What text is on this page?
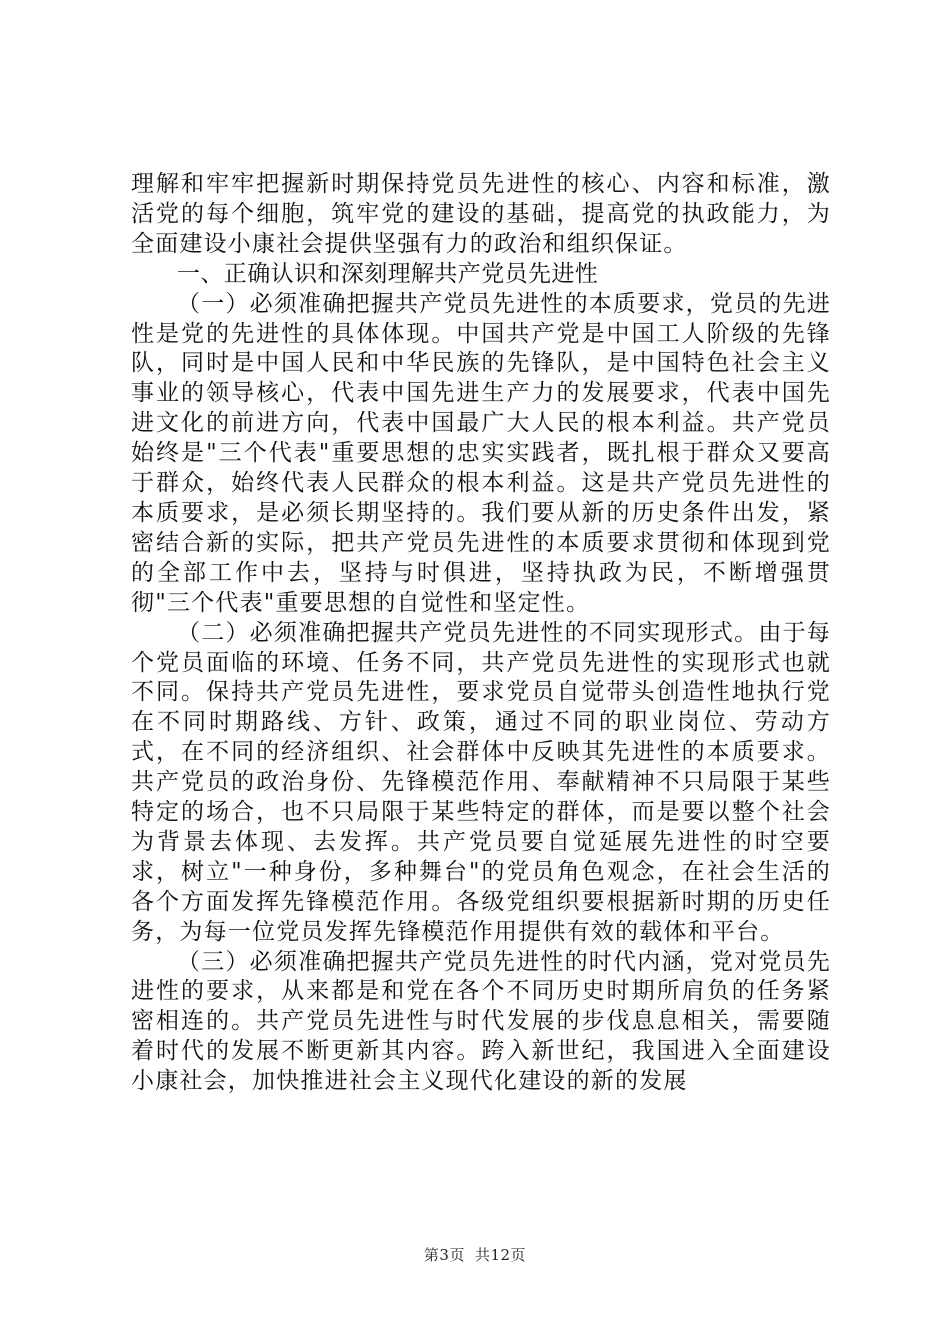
理解和牢牢把握新时期保持党员先进性的核心、内容和标准，激活党的每个细胞，筑牢党的建设的基础，提高党的执政能力，为全面建设小康社会提供坚强有力的政治和组织保证。

一、正确认识和深刻理解共产党员先进性

（一）必须准确把握共产党员先进性的本质要求，党员的先进性是党的先进性的具体体现。中国共产党是中国工人阶级的先锋队，同时是中国人民和中华民族的先锋队，是中国特色社会主义事业的领导核心，代表中国先进生产力的发展要求，代表中国先进文化的前进方向，代表中国最广大人民的根本利益。共产党员始终是"三个代表"重要思想的忠实实践者，既扎根于群众又要高于群众，始终代表人民群众的根本利益。这是共产党员先进性的本质要求，是必须长期坚持的。我们要从新的历史条件出发，紧密结合新的实际，把共产党员先进性的本质要求贯彻和体现到党的全部工作中去，坚持与时俱进，坚持执政为民，不断增强贯彻"三个代表"重要思想的自觉性和坚定性。

（二）必须准确把握共产党员先进性的不同实现形式。由于每个党员面临的环境、任务不同，共产党员先进性的实现形式也就不同。保持共产党员先进性，要求党员自觉带头创造性地执行党在不同时期路线、方针、政策，通过不同的职业岗位、劳动方式，在不同的经济组织、社会群体中反映其先进性的本质要求。共产党员的政治身份、先锋模范作用、奉献精神不只局限于某些特定的场合，也不只局限于某些特定的群体，而是要以整个社会为背景去体现、去发挥。共产党员要自觉延展先进性的时空要求，树立"一种身份，多种舞台"的党员角色观念，在社会生活的各个方面发挥先锋模范作用。各级党组织要根据新时期的历史任务，为每一位党员发挥先锋模范作用提供有效的载体和平台。

（三）必须准确把握共产党员先进性的时代内涵，党对党员先进性的要求，从来都是和党在各个不同历史时期所肩负的任务紧密相连的。共产党员先进性与时代发展的步伐息息相关，需要随着时代的发展不断更新其内容。跨入新世纪，我国进入全面建设小康社会，加快推进社会主义现代化建设的新的发展

第3页 共12页
